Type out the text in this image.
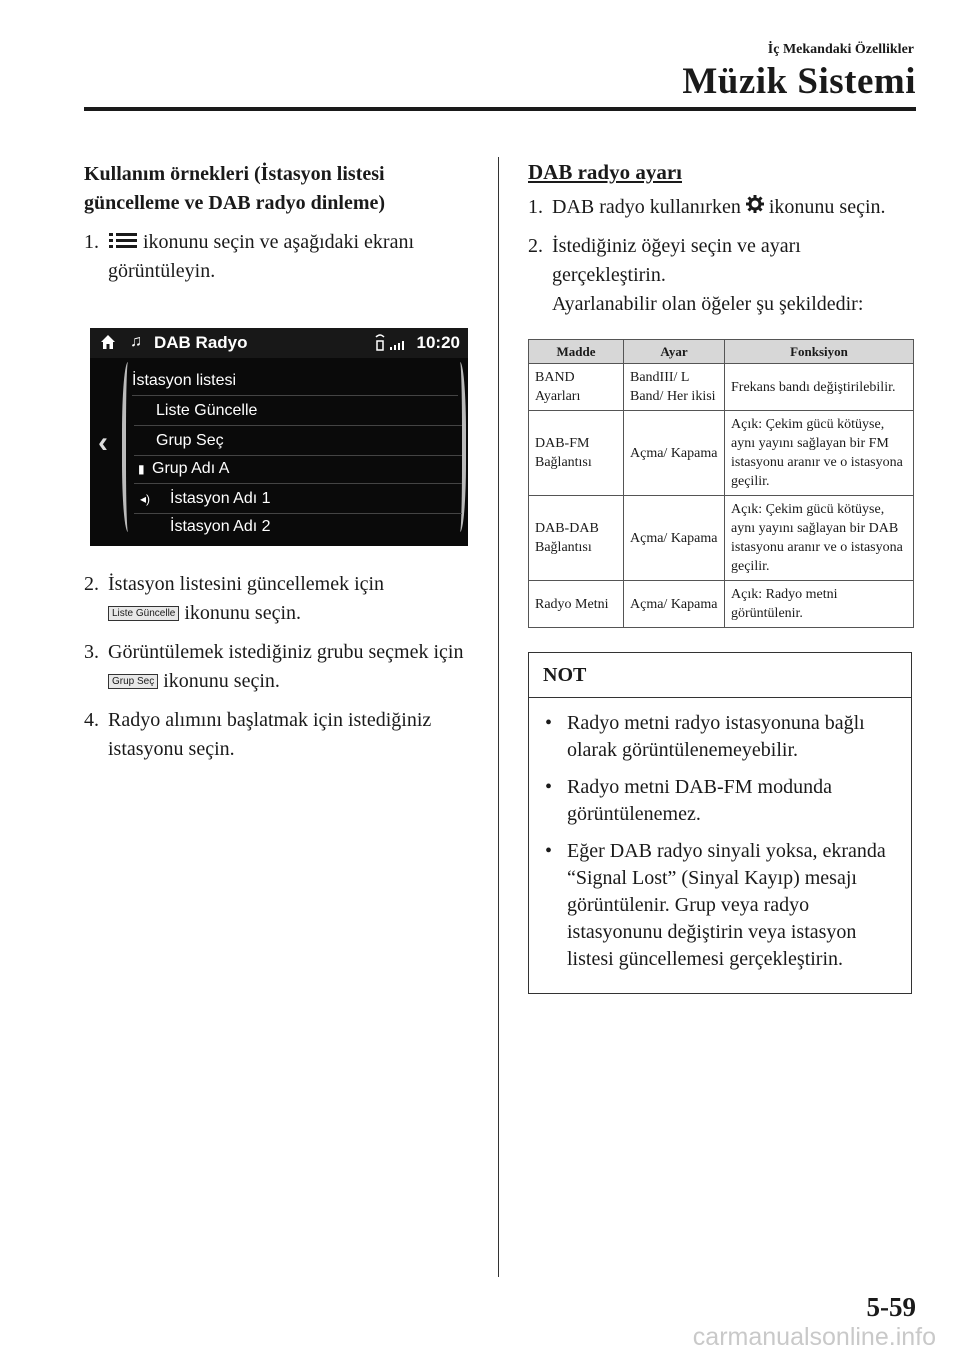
İç Mekandaki Özellikler
Müzik Sistemi
Kullanım örnekleri (İstasyon listesi güncelleme ve DAB radyo dinleme)
1. ikonunu seçin ve aşağıdaki ekranı görüntüleyin.
♫ DAB Radyo	10:20
‹
İstasyon listesi
Liste Güncelle
Grup Seç
▮ Grup Adı A
◂) İstasyon Adı 1
İstasyon Adı 2
2. İstasyon listesini güncellemek için
Liste Güncelle ikonunu seçin.
3. Görüntülemek istediğiniz grubu seçmek için Grup Seç ikonunu seçin.
4. Radyo alımını başlatmak için istediğiniz istasyonu seçin.
DAB radyo ayarı
1. DAB radyo kullanırken ikonunu seçin.
2. İstediğiniz öğeyi seçin ve ayarı gerçekleştirin.
Ayarlanabilir olan öğeler şu şekildedir:
Madde	Ayar	Fonksiyon
BAND Ayarları	BandIII/ L Band/ Her ikisi	Frekans bandı değiştirilebilir.
DAB-FM Bağlantısı	Açma/ Kapama	Açık: Çekim gücü kötüyse, aynı yayını sağlayan bir FM istasyonu aranır ve o istasyona geçilir.
DAB-DAB Bağlantısı	Açma/ Kapama	Açık: Çekim gücü kötüyse, aynı yayını sağlayan bir DAB istasyonu aranır ve o istasyona geçilir.
Radyo Metni	Açma/ Kapama	Açık: Radyo metni görüntülenir.
NOT
• Radyo metni radyo istasyonuna bağlı olarak görüntülenemeyebilir.
• Radyo metni DAB-FM modunda görüntülenemez.
• Eğer DAB radyo sinyali yoksa, ekranda “Signal Lost” (Sinyal Kayıp) mesajı görüntülenir. Grup veya radyo istasyonunu değiştirin veya istasyon listesi güncellemesi gerçekleştirin.
5-59
carmanualsonline.info
